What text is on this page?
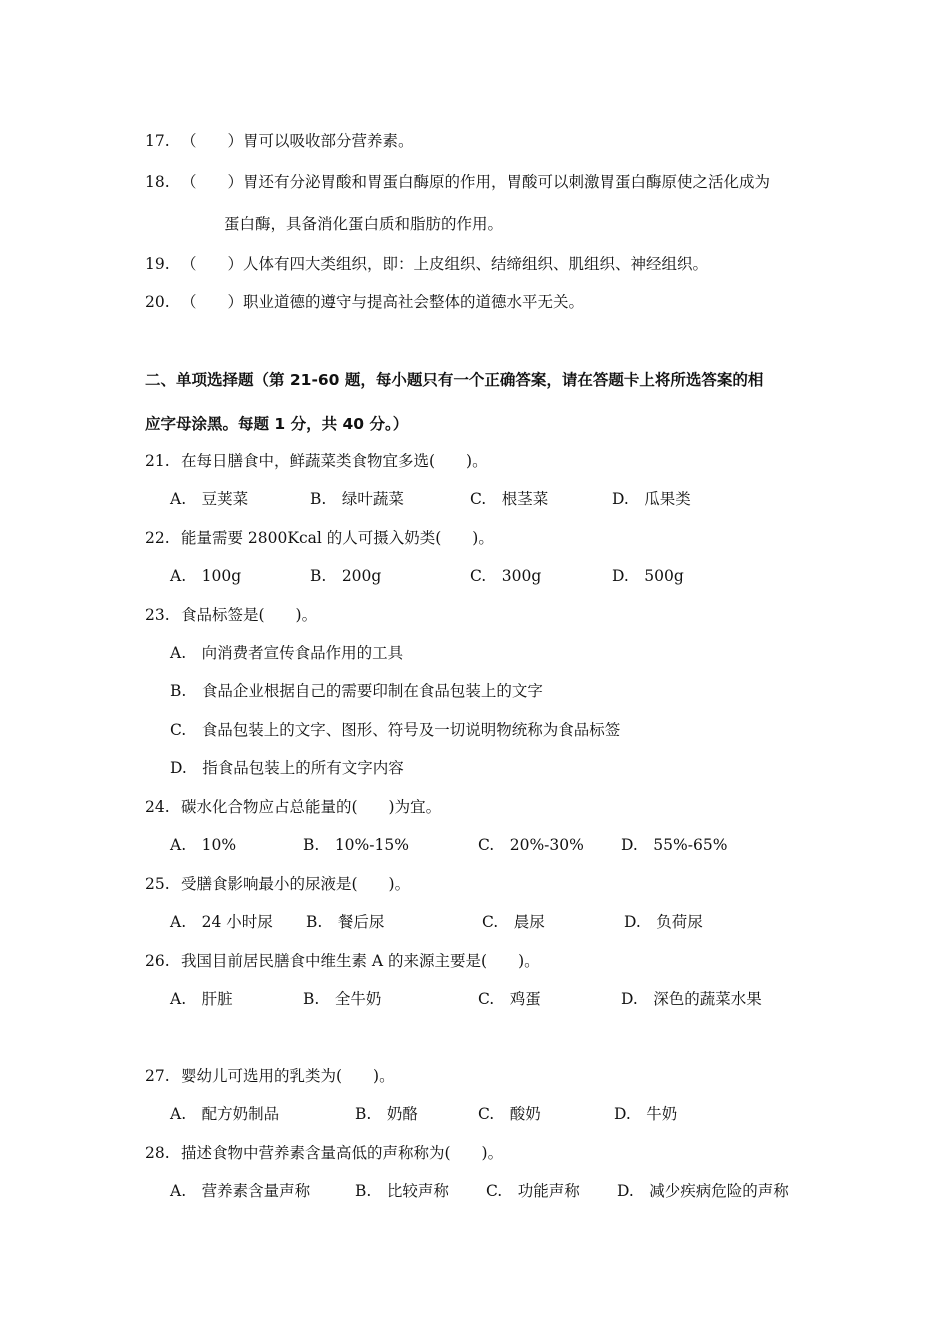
17. （　　）胃可以吸收部分营养素。
18. （　　）胃还有分泌胃酸和胃蛋白酶原的作用，胃酸可以刺激胃蛋白酶原使之活化成为
蛋白酶，具备消化蛋白质和脂肪的作用。
19. （　　）人体有四大类组织，即：上皮组织、结缔组织、肌组织、神经组织。
20. （　　）职业道德的遵守与提高社会整体的道德水平无关。
二、单项选择题（第 21-60 题，每小题只有一个正确答案，请在答题卡上将所选答案的相
应字母涂黑。每题 1 分，共 40 分。）
21. 在每日膳食中，鲜蔬菜类食物宜多选(　　)。
A.　豆荚菜	B.　绿叶蔬菜	C.　根茎菜	D.　瓜果类
22. 能量需要 2800Kcal 的人可摄入奶类(　　)。
A.　100g	B.　200g	C.　300g	D.　500g
23. 食品标签是(　　)。
A.　向消费者宣传食品作用的工具
B.　食品企业根据自己的需要印制在食品包装上的文字
C.　食品包装上的文字、图形、符号及一切说明物统称为食品标签
D.　指食品包装上的所有文字内容
24. 碳水化合物应占总能量的(　　)为宜。
A.　10%	B.　10%-15%	C.　20%-30% D.　55%-65%
25. 受膳食影响最小的尿液是(　　)。
A.　24 小时尿 B.　餐后尿	C.　晨尿	D.　负荷尿
26. 我国目前居民膳食中维生素 A 的来源主要是(　　)。
A.　肝脏	B.　全牛奶	C.　鸡蛋	D.　深色的蔬菜水果
27. 婴幼儿可选用的乳类为(　　)。
A.　配方奶制品	B.　奶酪	C.　酸奶	D.　牛奶
28. 描述食物中营养素含量高低的声称称为(　　)。
A.　营养素含量声称	B.　比较声称 C.　功能声称 D.　减少疾病危险的声称
